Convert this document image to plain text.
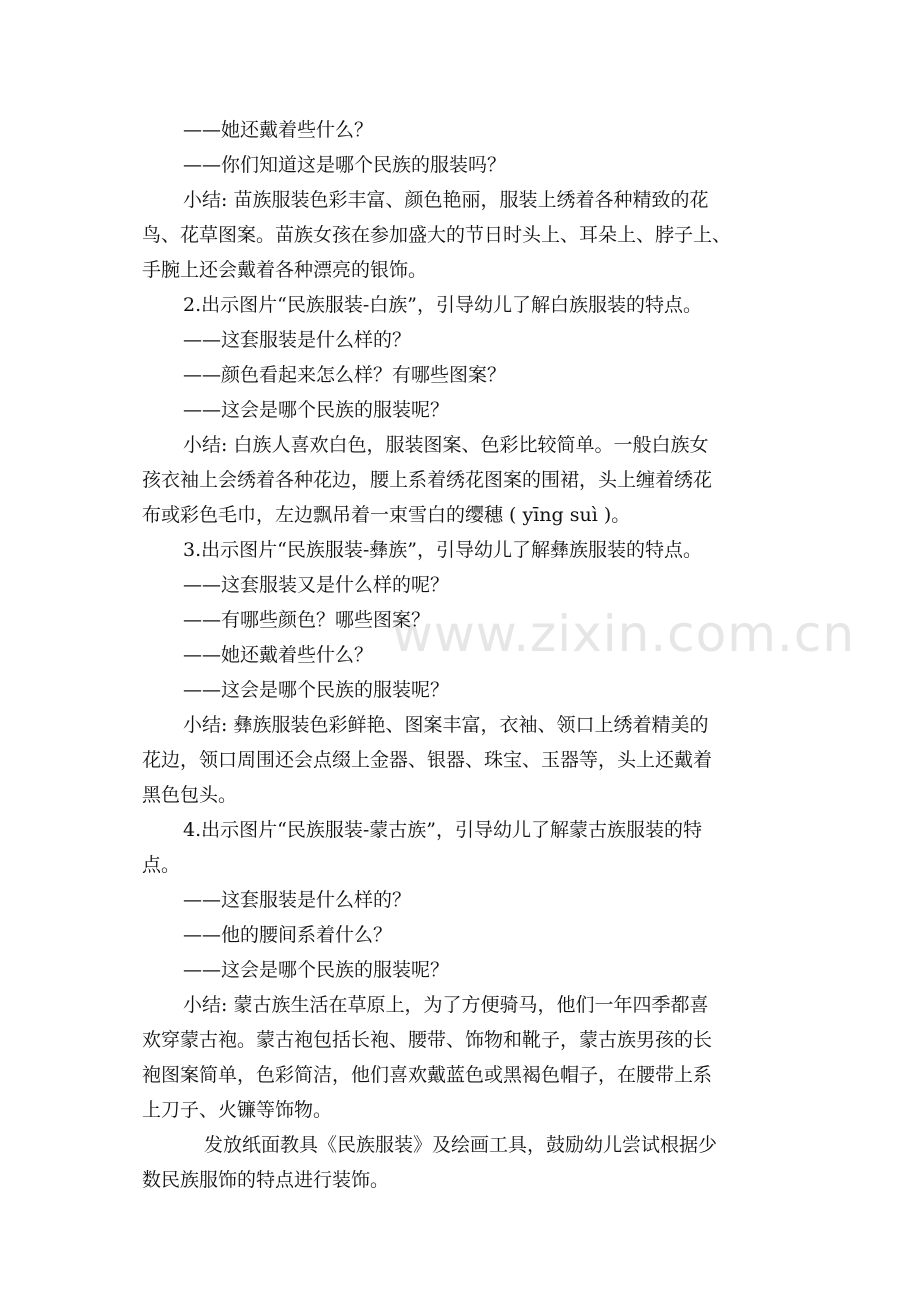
www.zixin.com.cn
——她还戴着些什么？
——你们知道这是哪个民族的服装吗？
小结: 苗族服装色彩丰富、颜色艳丽，服装上绣着各种精致的花
鸟、花草图案。苗族女孩在参加盛大的节日时头上、耳朵上、脖子上、
手腕上还会戴着各种漂亮的银饰。
2.出示图片“民族服装-白族”，引导幼儿了解白族服装的特点。
——这套服装是什么样的？
——颜色看起来怎么样？有哪些图案？
——这会是哪个民族的服装呢？
小结: 白族人喜欢白色，服装图案、色彩比较简单。一般白族女
孩衣袖上会绣着各种花边，腰上系着绣花图案的围裙，头上缠着绣花
布或彩色毛巾，左边飘吊着一束雪白的缨穗 ( yīng suì )。
3.出示图片“民族服装-彝族”，引导幼儿了解彝族服装的特点。
——这套服装又是什么样的呢？
——有哪些颜色？哪些图案？
——她还戴着些什么？
——这会是哪个民族的服装呢？
小结: 彝族服装色彩鲜艳、图案丰富，衣袖、领口上绣着精美的
花边，领口周围还会点缀上金器、银器、珠宝、玉器等，头上还戴着
黑色包头。
4.出示图片“民族服装-蒙古族”，引导幼儿了解蒙古族服装的特
点。
——这套服装是什么样的？
——他的腰间系着什么？
——这会是哪个民族的服装呢？
小结: 蒙古族生活在草原上，为了方便骑马，他们一年四季都喜
欢穿蒙古袍。蒙古袍包括长袍、腰带、饰物和靴子，蒙古族男孩的长
袍图案简单，色彩简洁，他们喜欢戴蓝色或黑褐色帽子，在腰带上系
上刀子、火镰等饰物。
发放纸面教具《民族服装》及绘画工具，鼓励幼儿尝试根据少
数民族服饰的特点进行装饰。
